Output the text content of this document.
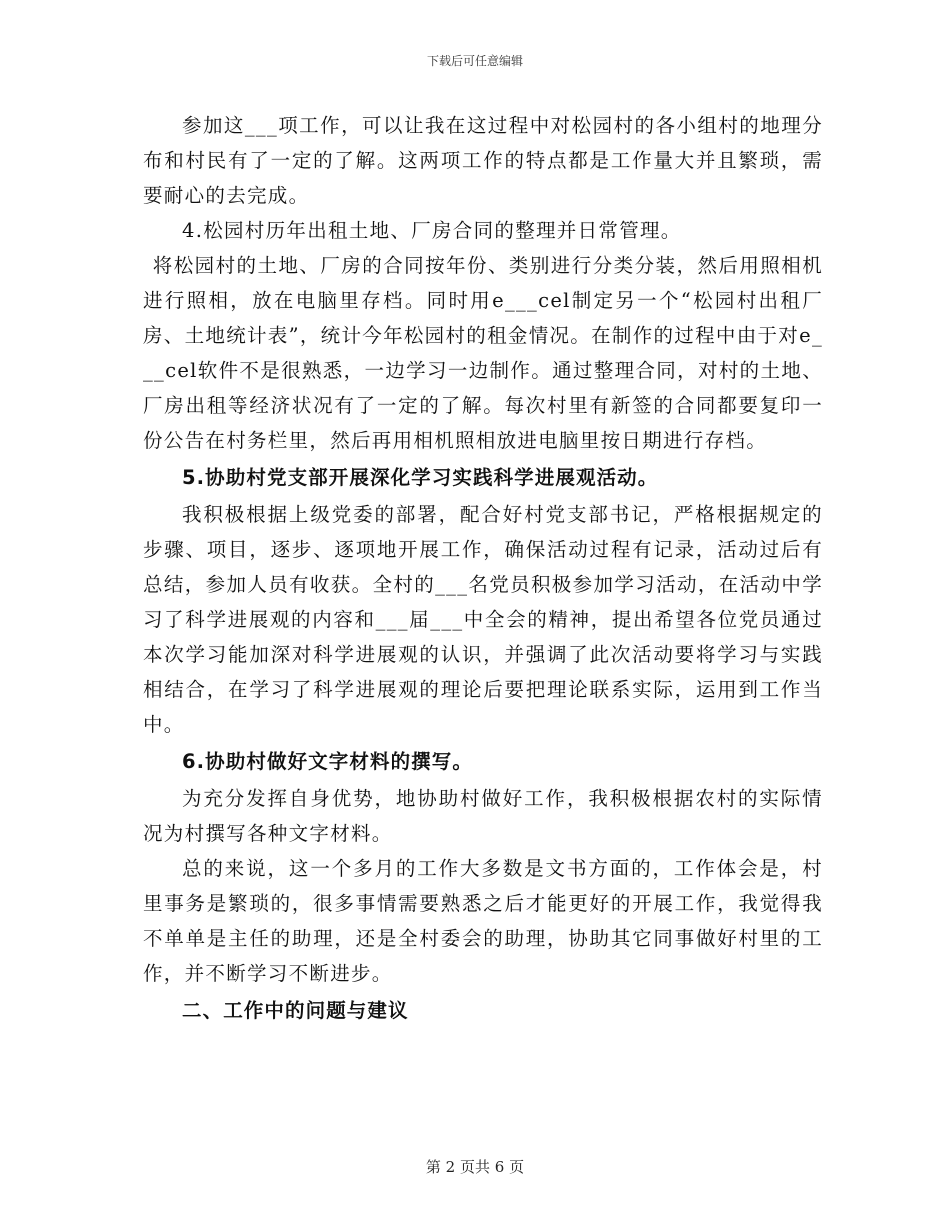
下载后可任意编辑

参加这___项工作，可以让我在这过程中对松园村的各小组村的地理分布和村民有了一定的了解。这两项工作的特点都是工作量大并且繁琐，需要耐心的去完成。

4.松园村历年出租土地、厂房合同的整理并日常管理。

将松园村的土地、厂房的合同按年份、类别进行分类分装，然后用照相机进行照相，放在电脑里存档。同时用e___cel制定另一个“松园村出租厂房、土地统计表”，统计今年松园村的租金情况。在制作的过程中由于对e___cel软件不是很熟悉，一边学习一边制作。通过整理合同，对村的土地、厂房出租等经济状况有了一定的了解。每次村里有新签的合同都要复印一份公告在村务栏里，然后再用相机照相放进电脑里按日期进行存档。

5.协助村党支部开展深化学习实践科学进展观活动。

我积极根据上级党委的部署，配合好村党支部书记，严格根据规定的步骤、项目，逐步、逐项地开展工作，确保活动过程有记录，活动过后有总结，参加人员有收获。全村的___名党员积极参加学习活动，在活动中学习了科学进展观的内容和___届___中全会的精神，提出希望各位党员通过本次学习能加深对科学进展观的认识，并强调了此次活动要将学习与实践相结合，在学习了科学进展观的理论后要把理论联系实际，运用到工作当中。

6.协助村做好文字材料的撰写。

为充分发挥自身优势，地协助村做好工作，我积极根据农村的实际情况为村撰写各种文字材料。

总的来说，这一个多月的工作大多数是文书方面的，工作体会是，村里事务是繁琐的，很多事情需要熟悉之后才能更好的开展工作，我觉得我不单单是主任的助理，还是全村委会的助理，协助其它同事做好村里的工作，并不断学习不断进步。

二、工作中的问题与建议

第 2 页共 6 页
